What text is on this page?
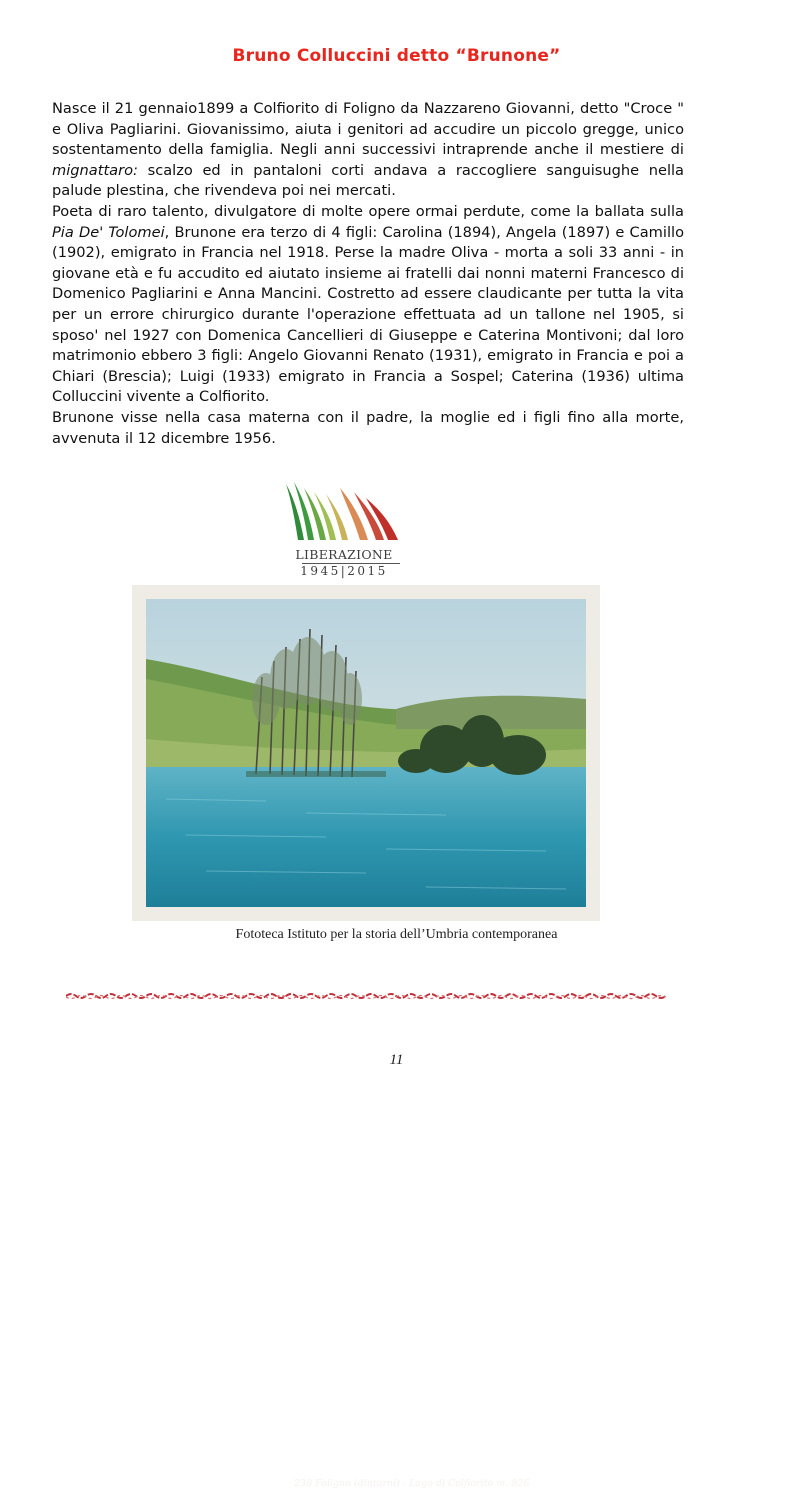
Bruno Colluccini detto “Brunone”

Nasce il 21 gennaio1899 a Colfiorito di Foligno da Nazzareno Giovanni, detto "Croce " e Oliva Pagliarini. Giovanissimo, aiuta i genitori ad accudire un piccolo gregge, unico sostentamento della famiglia. Negli anni successivi intraprende anche il mestiere di mignattaro: scalzo ed in pantaloni corti andava a raccogliere sanguisughe nella palude plestina, che rivendeva poi nei mercati.

Poeta di raro talento, divulgatore di molte opere ormai perdute, come la ballata sulla Pia De' Tolomei, Brunone era terzo di 4 figli: Carolina (1894), Angela (1897) e Camillo (1902), emigrato in Francia nel 1918. Perse la madre Oliva - morta a soli 33 anni - in giovane età e fu accudito ed aiutato insieme ai fratelli dai nonni materni Francesco di Domenico Pagliarini e Anna Mancini. Costretto ad essere claudicante per tutta la vita per un errore chirurgico durante l'operazione effettuata ad un tallone nel 1905, si sposo' nel 1927 con Domenica Cancellieri di Giuseppe e Caterina Montivoni; dal loro matrimonio ebbero 3 figli: Angelo Giovanni Renato (1931), emigrato in Francia e poi a Chiari (Brescia); Luigi (1933) emigrato in Francia a Sospel; Caterina (1936) ultima Colluccini vivente a Colfiorito.

Brunone visse nella casa materna con il padre, la moglie ed i figli fino alla morte, avvenuta il 12 dicembre 1956.

LIBERAZIONE
1945|2015
238 Foligno (dintorni) - Lago di Colfiorito m. 826
Fototeca Istituto per la storia dell’Umbria contemporanea
11
